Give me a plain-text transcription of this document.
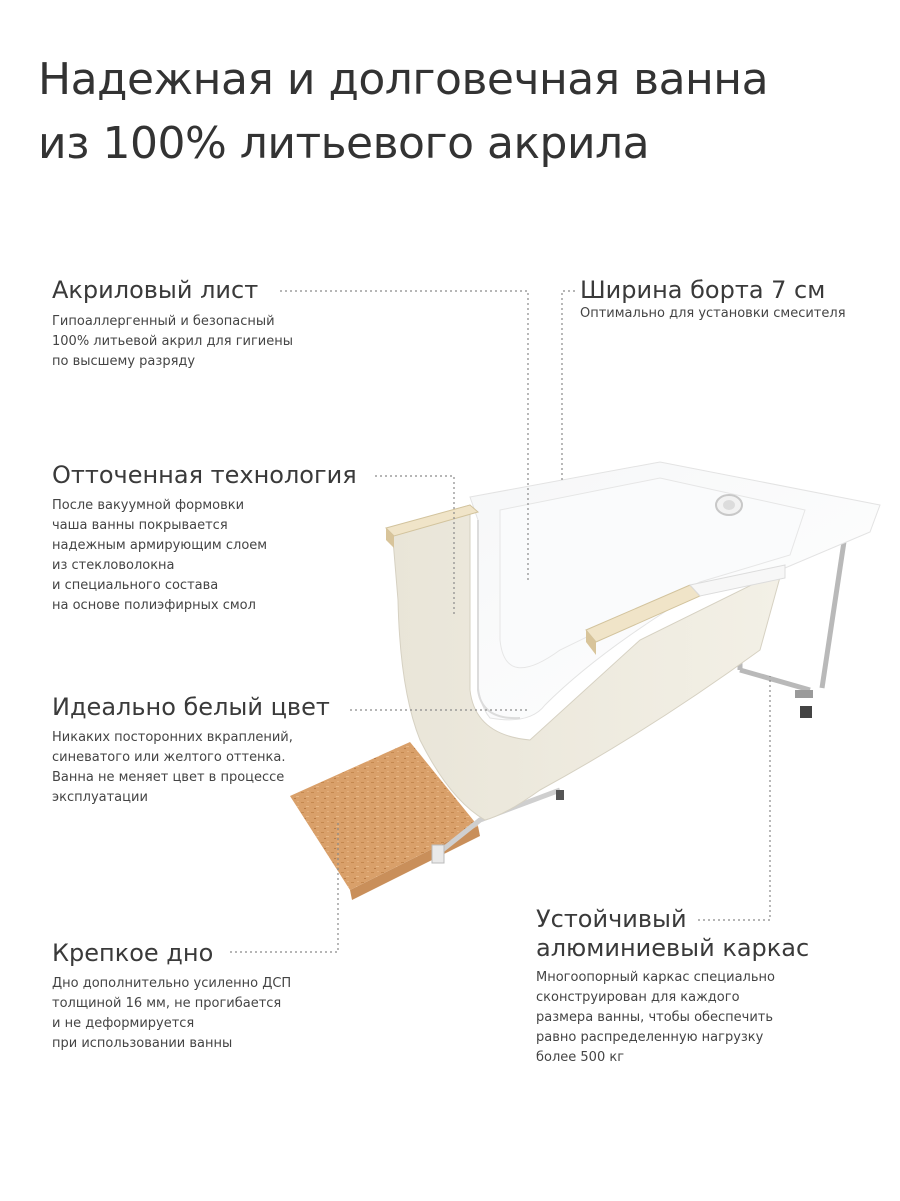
Надежная и долговечная ванна
из 100% литьевого акрила
Акриловый лист
Гипоаллергенный и безопасный
100% литьевой акрил для гигиены
по высшему разряду
Ширина борта 7 см
Оптимально для установки смесителя
Отточенная технология
После вакуумной формовки
чаша ванны покрывается
надежным армирующим слоем
из стекловолокна
и специального состава
на основе полиэфирных смол
Идеально белый цвет
Никаких посторонних вкраплений,
синеватого или желтого оттенка.
Ванна не меняет цвет в процессе
эксплуатации
Крепкое дно
Дно дополнительно усиленно ДСП
толщиной 16 мм, не прогибается
и не деформируется
при использовании ванны
Устойчивый
алюминиевый каркас
Многоопорный каркас специально
сконструирован для каждого
размера ванны, чтобы обеспечить
равно распределенную нагрузку
более 500 кг
